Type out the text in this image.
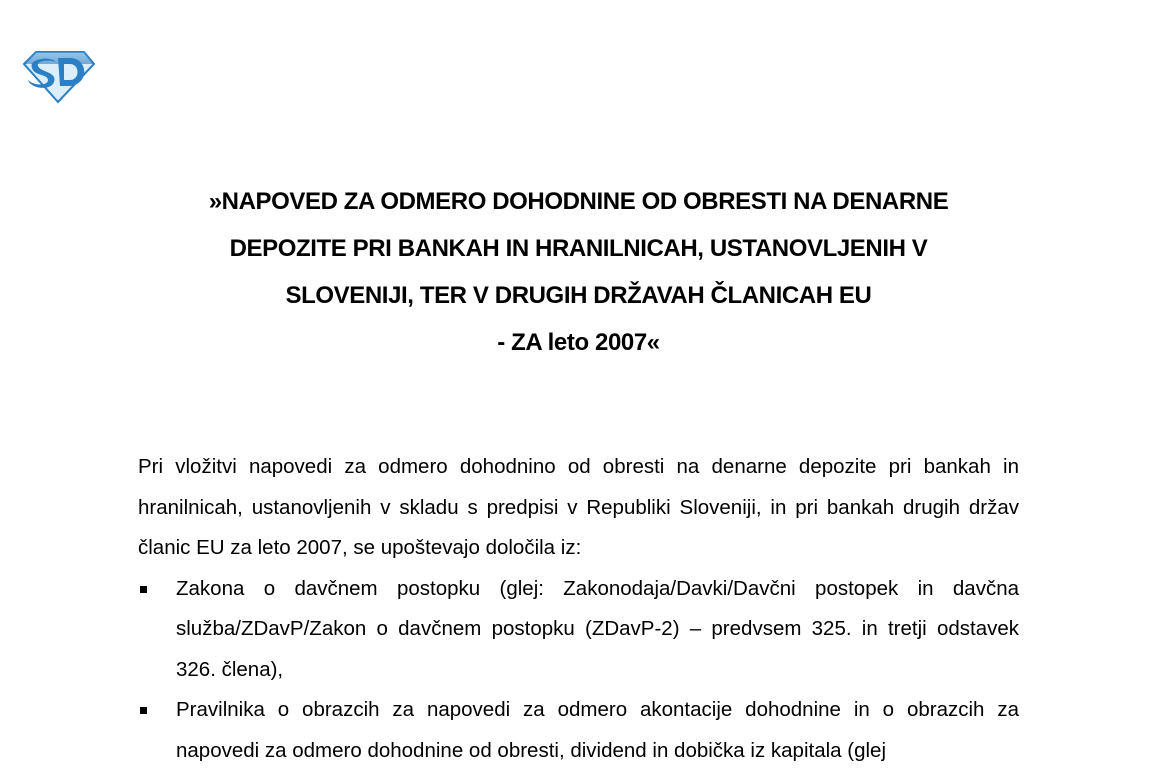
»NAPOVED ZA ODMERO DOHODNINE OD OBRESTI NA DENARNE
DEPOZITE PRI BANKAH IN HRANILNICAH, USTANOVLJENIH V
SLOVENIJI, TER V DRUGIH DRŽAVAH ČLANICAH EU
- ZA leto 2007«

Pri vložitvi napovedi za odmero dohodnino od obresti na denarne depozite pri bankah in hranilnicah, ustanovljenih v skladu s predpisi v Republiki Sloveniji, in pri bankah drugih držav članic EU za leto 2007, se upoštevajo določila iz:

Zakona o davčnem postopku (glej: Zakonodaja/Davki/Davčni postopek in davčna služba/ZDavP/Zakon o davčnem postopku (ZDavP-2) – predvsem 325. in tretji odstavek 326. člena),
Pravilnika o obrazcih za napovedi za odmero akontacije dohodnine in o obrazcih za napovedi za odmero dohodnine od obresti, dividend in dobička iz kapitala (glej
